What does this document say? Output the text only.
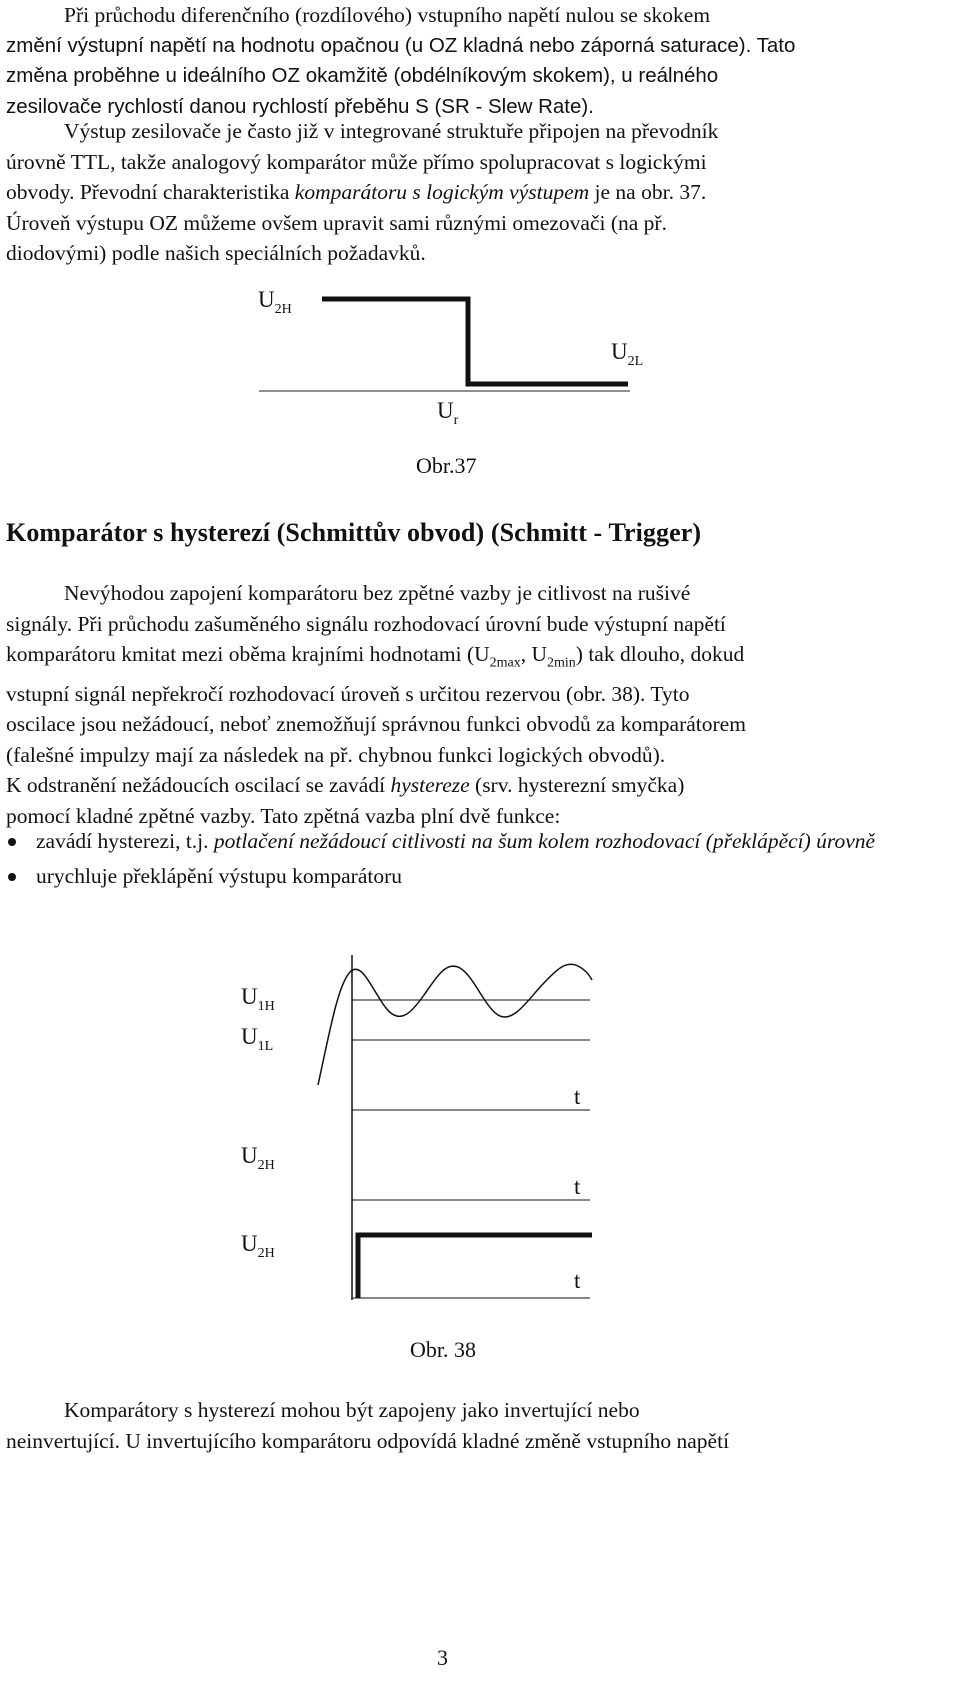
Při průchodu diferenčního (rozdílového) vstupního napětí nulou se skokem
změní výstupní napětí na hodnotu opačnou (u OZ kladná nebo záporná saturace). Tato
změna proběhne u ideálního OZ okamžitě (obdélníkovým skokem), u reálného
zesilovače rychlostí danou rychlostí přeběhu S (SR - Slew Rate).
Výstup zesilovače je často již v integrované struktuře připojen na převodník
úrovně TTL, takže analogový komparátor může přímo spolupracovat s logickými
obvody. Převodní charakteristika komparátoru s logickým výstupem je na obr. 37.
Úroveň výstupu OZ můžeme ovšem upravit sami různými omezovači (na př.
diodovými) podle našich speciálních požadavků.
$U_{2H}$
$U_{2L}$
$U_r$
Obr.37
Komparátor s hysterezí (Schmittův obvod) (Schmitt - Trigger)
Nevýhodou zapojení komparátoru bez zpětné vazby je citlivost na rušivé
signály. Při průchodu zašuměného signálu rozhodovací úrovní bude výstupní napětí
komparátoru kmitat mezi oběma krajními hodnotami ($U_{2max}$, $U_{2min}$) tak dlouho, dokud
vstupní signál nepřekročí rozhodovací úroveň s určitou rezervou (obr. 38). Tyto
oscilace jsou nežádoucí, neboť znemožňují správnou funkci obvodů za komparátorem
(falešné impulzy mají za následek na př. chybnou funkci logických obvodů).
K odstranění nežádoucích oscilací se zavádí hystereze (srv. hysterezní smyčka)
pomocí kladné zpětné vazby. Tato zpětná vazba plní dvě funkce:
zavádí hysterezi, t.j. potlačení nežádoucí citlivosti na šum kolem rozhodovací (překlápěcí) úrovně
urychluje překlápění výstupu komparátoru
$U_{1H}$
$U_{1L}$
t
$U_{2H}$
t
$U_{2H}$
t
Obr. 38
Komparátory s hysterezí mohou být zapojeny jako invertující nebo
neinvertující. U invertujícího komparátoru odpovídá kladné změně vstupního napětí
3
